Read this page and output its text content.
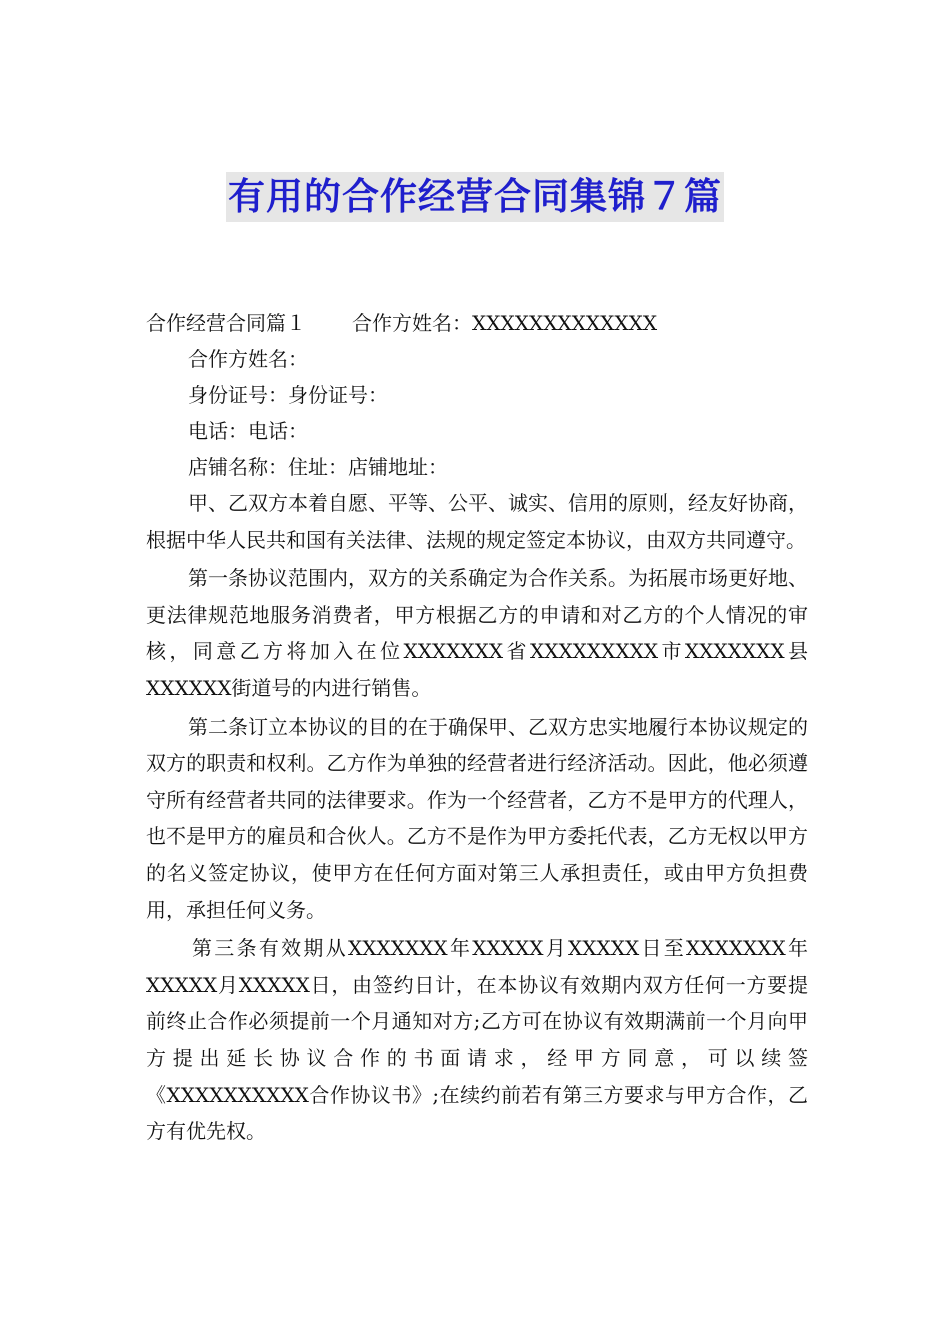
有用的合作经营合同集锦７篇

合作经营合同篇１ 合作方姓名：XXXXXXXXXXXXX

合作方姓名：

身份证号：身份证号：

电话：电话：

店铺名称：住址：店铺地址：

甲、乙双方本着自愿、平等、公平、诚实、信用的原则，经友好协商，根据中华人民共和国有关法律、法规的规定签定本协议，由双方共同遵守。

第一条协议范围内，双方的关系确定为合作关系。为拓展市场更好地、更法律规范地服务消费者，甲方根据乙方的申请和对乙方的个人情况的审核，同意乙方将加入在位XXXXXXX省XXXXXXXXX市XXXXXXX县XXXXXX街道号的内进行销售。

第二条订立本协议的目的在于确保甲、乙双方忠实地履行本协议规定的双方的职责和权利。乙方作为单独的经营者进行经济活动。因此，他必须遵守所有经营者共同的法律要求。作为一个经营者，乙方不是甲方的代理人，也不是甲方的雇员和合伙人。乙方不是作为甲方委托代表，乙方无权以甲方的名义签定协议，使甲方在任何方面对第三人承担责任，或由甲方负担费用，承担任何义务。

第三条有效期从XXXXXXX年XXXXX月XXXXX日至XXXXXXX年XXXXX月XXXXX日，由签约日计，在本协议有效期内双方任何一方要提前终止合作必须提前一个月通知对方;乙方可在协议有效期满前一个月向甲方提出延长协议合作的书面请求，经甲方同意，可以续签《XXXXXXXXXX合作协议书》;在续约前若有第三方要求与甲方合作，乙方有优先权。
